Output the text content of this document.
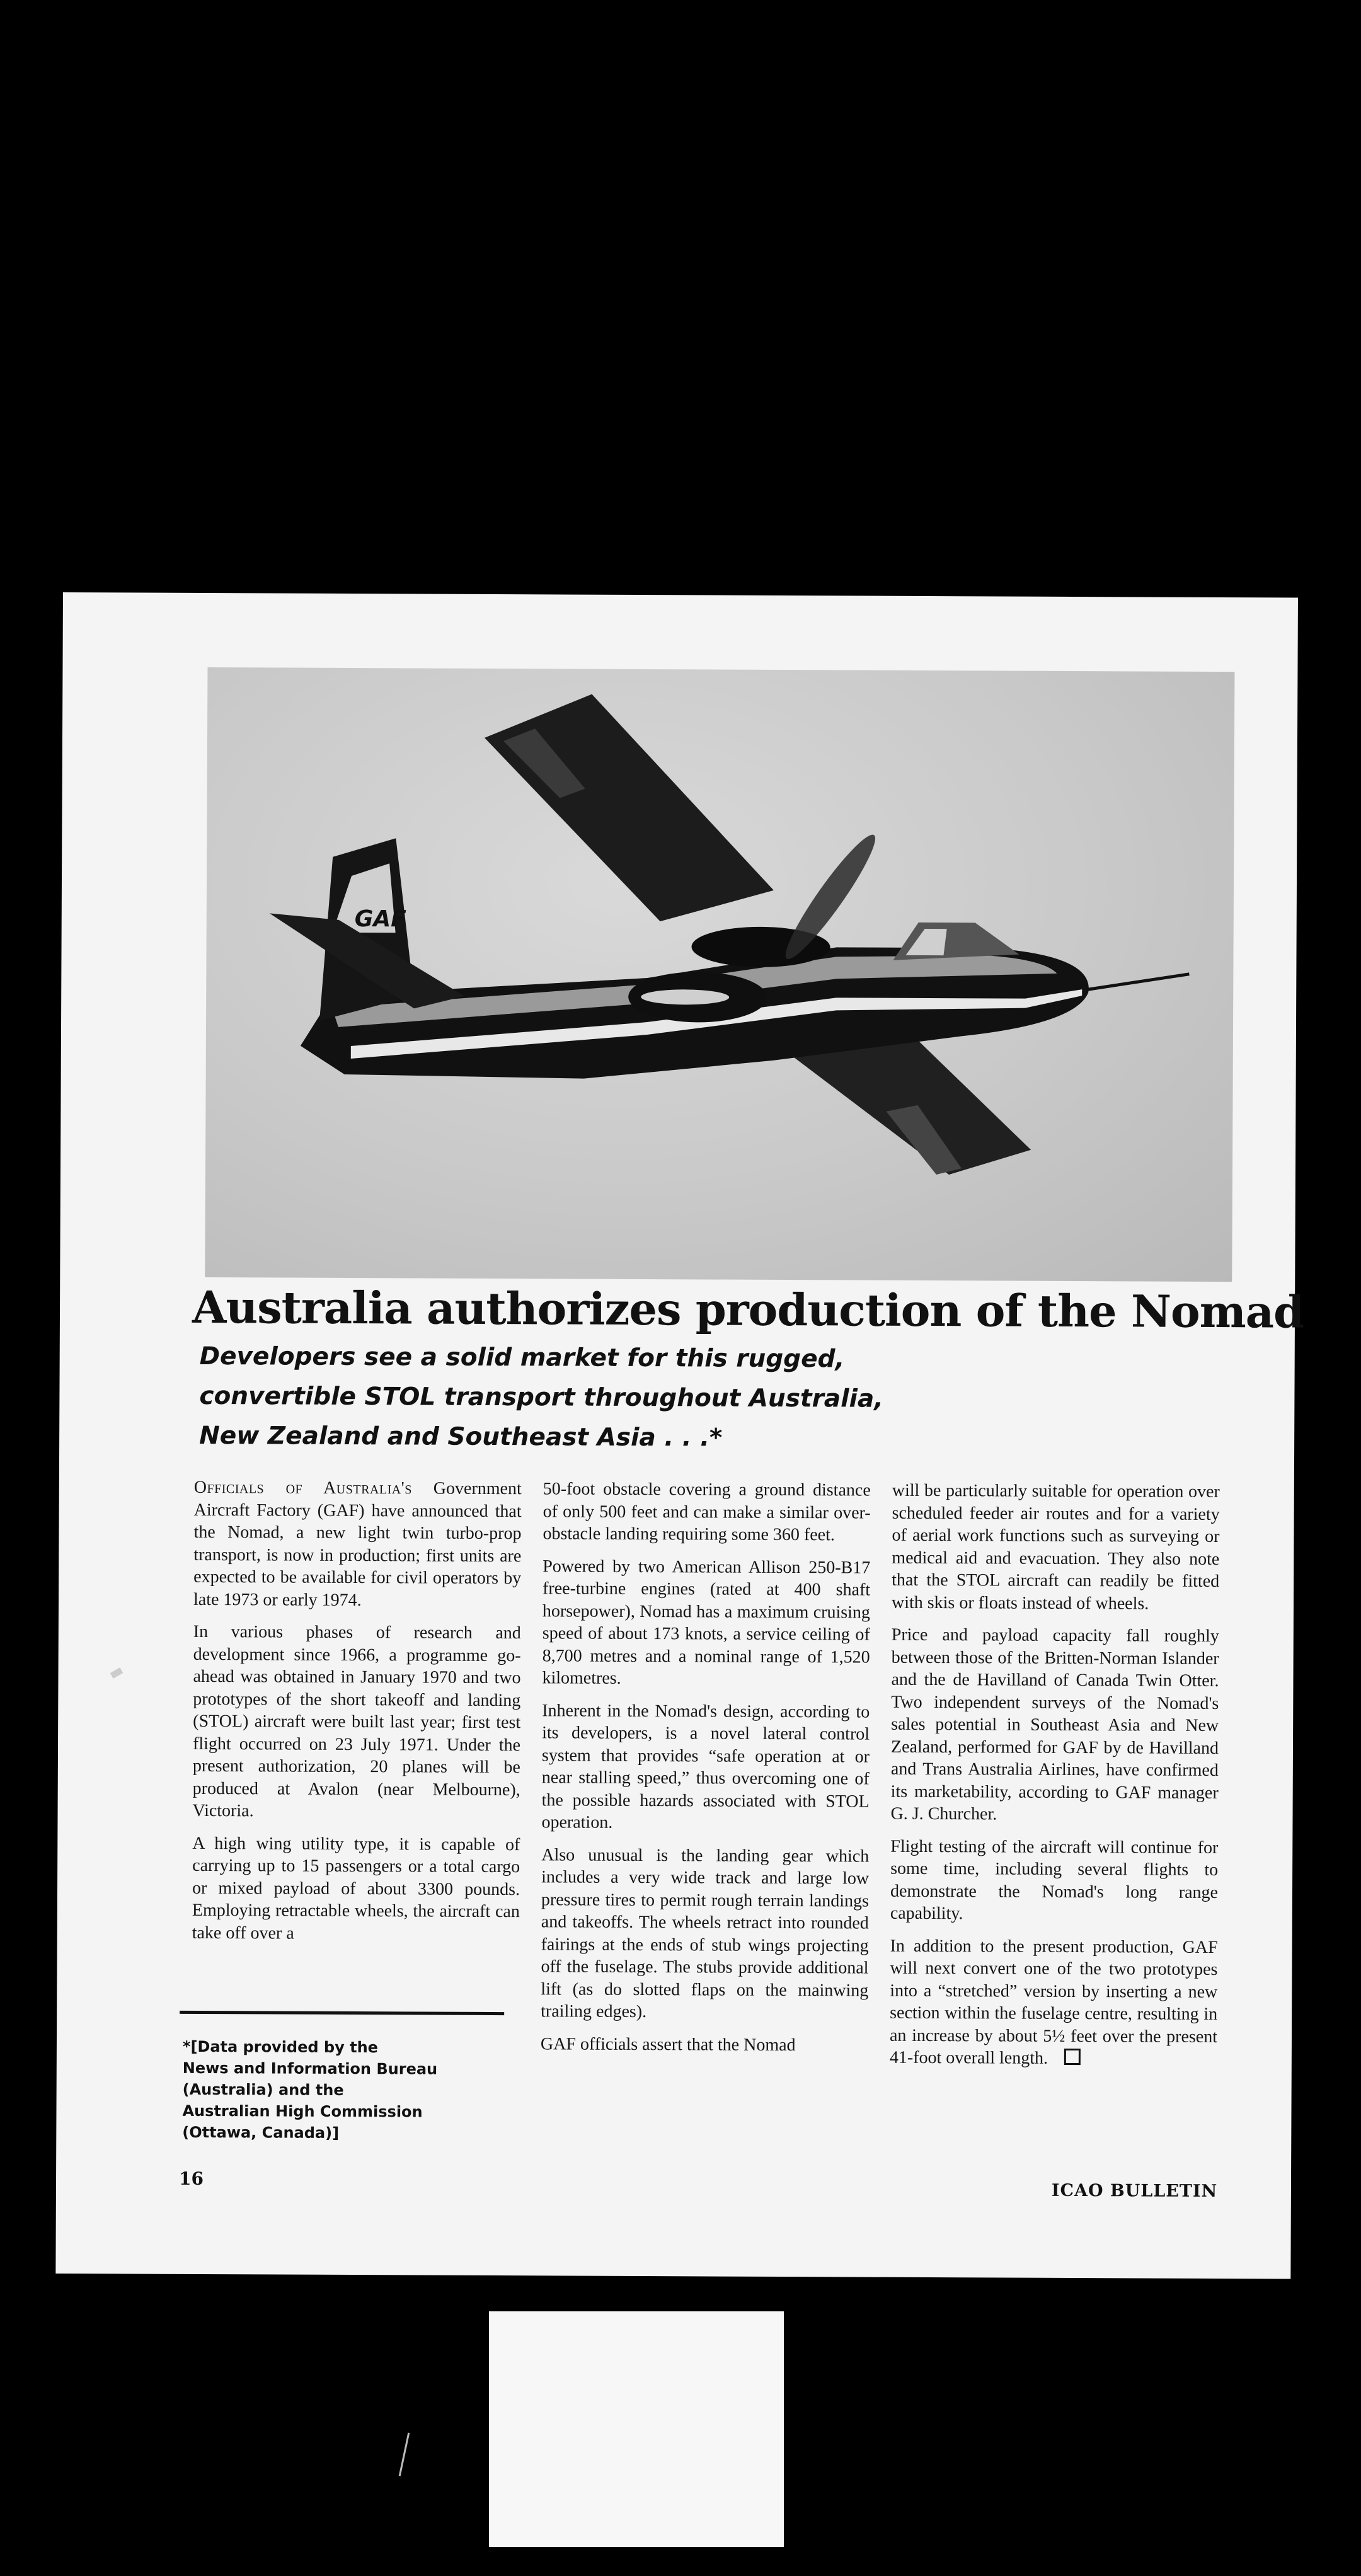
GAF
Australia authorizes production of the Nomad
Developers see a solid market for this rugged,
convertible STOL transport throughout Australia,
New Zealand and Southeast Asia . . .*

Officials of Australia's Government Aircraft Factory (GAF) have announced that the Nomad, a new light twin turbo-prop transport, is now in production; first units are expected to be available for civil operators by late 1973 or early 1974.

In various phases of research and development since 1966, a programme go-ahead was obtained in January 1970 and two prototypes of the short takeoff and landing (STOL) aircraft were built last year; first test flight occurred on 23 July 1971. Under the present authorization, 20 planes will be produced at Avalon (near Melbourne), Victoria.

A high wing utility type, it is capable of carrying up to 15 passengers or a total cargo or mixed payload of about 3300 pounds. Employing retractable wheels, the aircraft can take off over a

50-foot obstacle covering a ground distance of only 500 feet and can make a similar over-obstacle landing requiring some 360 feet.

Powered by two American Allison 250-B17 free-turbine engines (rated at 400 shaft horsepower), Nomad has a maximum cruising speed of about 173 knots, a service ceiling of 8,700 metres and a nominal range of 1,520 kilometres.

Inherent in the Nomad's design, according to its developers, is a novel lateral control system that provides “safe operation at or near stalling speed,” thus overcoming one of the possible hazards associated with STOL operation.

Also unusual is the landing gear which includes a very wide track and large low pressure tires to permit rough terrain landings and takeoffs. The wheels retract into rounded fairings at the ends of stub wings projecting off the fuselage. The stubs provide additional lift (as do slotted flaps on the mainwing trailing edges).

GAF officials assert that the Nomad

will be particularly suitable for operation over scheduled feeder air routes and for a variety of aerial work functions such as surveying or medical aid and evacuation. They also note that the STOL aircraft can readily be fitted with skis or floats instead of wheels.

Price and payload capacity fall roughly between those of the Britten-Norman Islander and the de Havilland of Canada Twin Otter. Two independent surveys of the Nomad's sales potential in Southeast Asia and New Zealand, performed for GAF by de Havilland and Trans Australia Airlines, have confirmed its marketability, according to GAF manager G. J. Churcher.

Flight testing of the aircraft will continue for some time, including several flights to demonstrate the Nomad's long range capability.

In addition to the present production, GAF will next convert one of the two prototypes into a “stretched” version by inserting a new section within the fuselage centre, resulting in an increase by about 5½ feet over the present 41-foot overall length.

*[Data provided by the
News and Information Bureau
(Australia) and the
Australian High Commission
(Ottawa, Canada)]
16
ICAO BULLETIN
